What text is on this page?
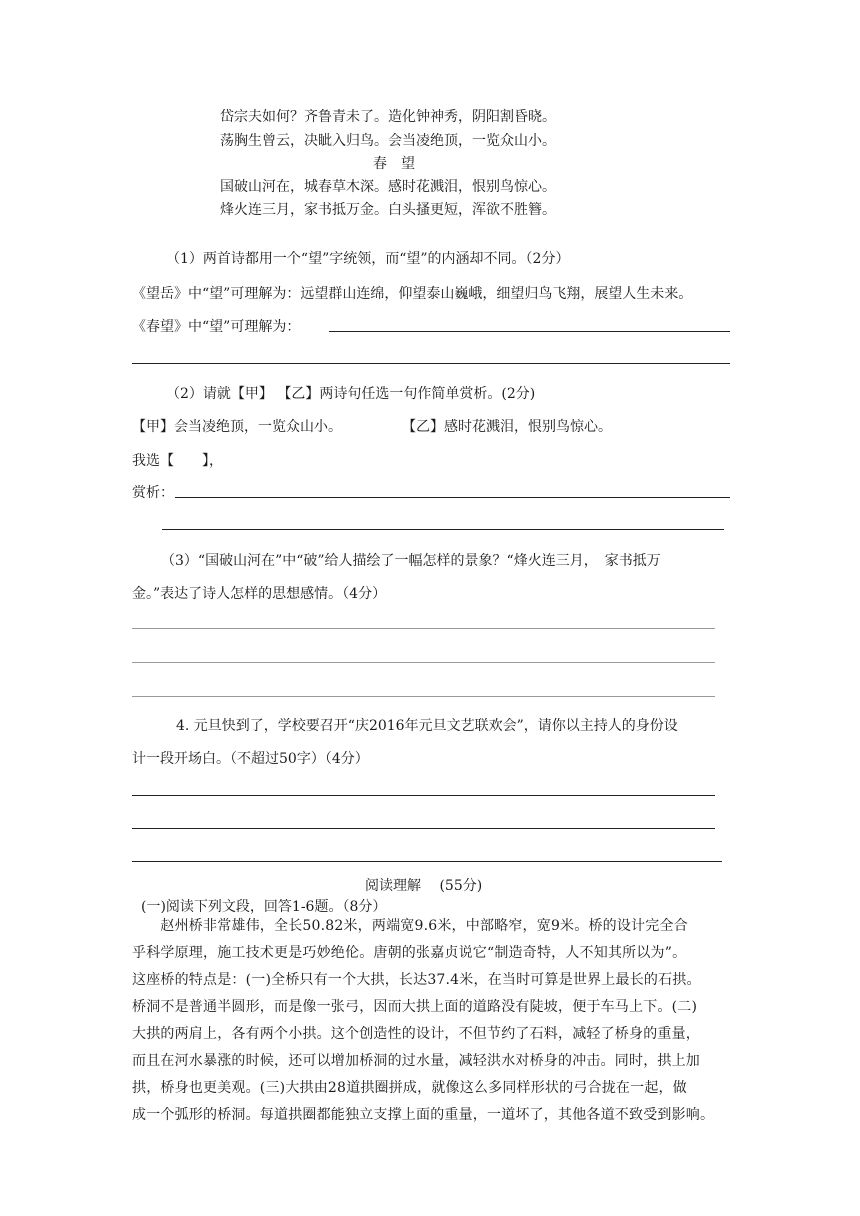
岱宗夫如何？齐鲁青未了。造化钟神秀，阴阳割昏晓。
荡胸生曾云，决眦入归鸟。会当凌绝顶，一览众山小。
春　望
国破山河在，城春草木深。感时花溅泪，恨别鸟惊心。
烽火连三月，家书抵万金。白头搔更短，浑欲不胜簪。
（1）两首诗都用一个“望”字统领，而“望”的内涵却不同。（2分）
《望岳》中“望”可理解为：远望群山连绵，仰望泰山巍峨，细望归鸟飞翔，展望人生未来。
《春望》中“望”可理解为：
（2）请就【甲】 【乙】两诗句任选一句作简单赏析。(2分)
【甲】会当凌绝顶，一览众山小。	【乙】感时花溅泪，恨别鸟惊心。
我选【　　】，
赏析：
（3）“国破山河在”中“破”给人描绘了一幅怎样的景象？“烽火连三月，　家书抵万
金。”表达了诗人怎样的思想感情。（4分）
4. 元旦快到了，学校要召开“庆2016年元旦文艺联欢会”，请你以主持人的身份设
计一段开场白。（不超过50字）（4分）
阅读理解　 (55分)
(一)阅读下列文段，回答1-6题。（8分）
　　赵州桥非常雄伟，全长50.82米，两端宽9.6米，中部略窄，宽9米。桥的设计完全合
乎科学原理，施工技术更是巧妙绝伦。唐朝的张嘉贞说它“制造奇特，人不知其所以为”。
这座桥的特点是：(一)全桥只有一个大拱，长达37.4米，在当时可算是世界上最长的石拱。
桥洞不是普通半圆形，而是像一张弓，因而大拱上面的道路没有陡坡，便于车马上下。(二)
大拱的两肩上，各有两个小拱。这个创造性的设计，不但节约了石料，减轻了桥身的重量，
而且在河水暴涨的时候，还可以增加桥洞的过水量，减轻洪水对桥身的冲击。同时，拱上加
拱，桥身也更美观。(三)大拱由28道拱圈拼成，就像这么多同样形状的弓合拢在一起，做
成一个弧形的桥洞。每道拱圈都能独立支撑上面的重量，一道坏了，其他各道不致受到影响。
